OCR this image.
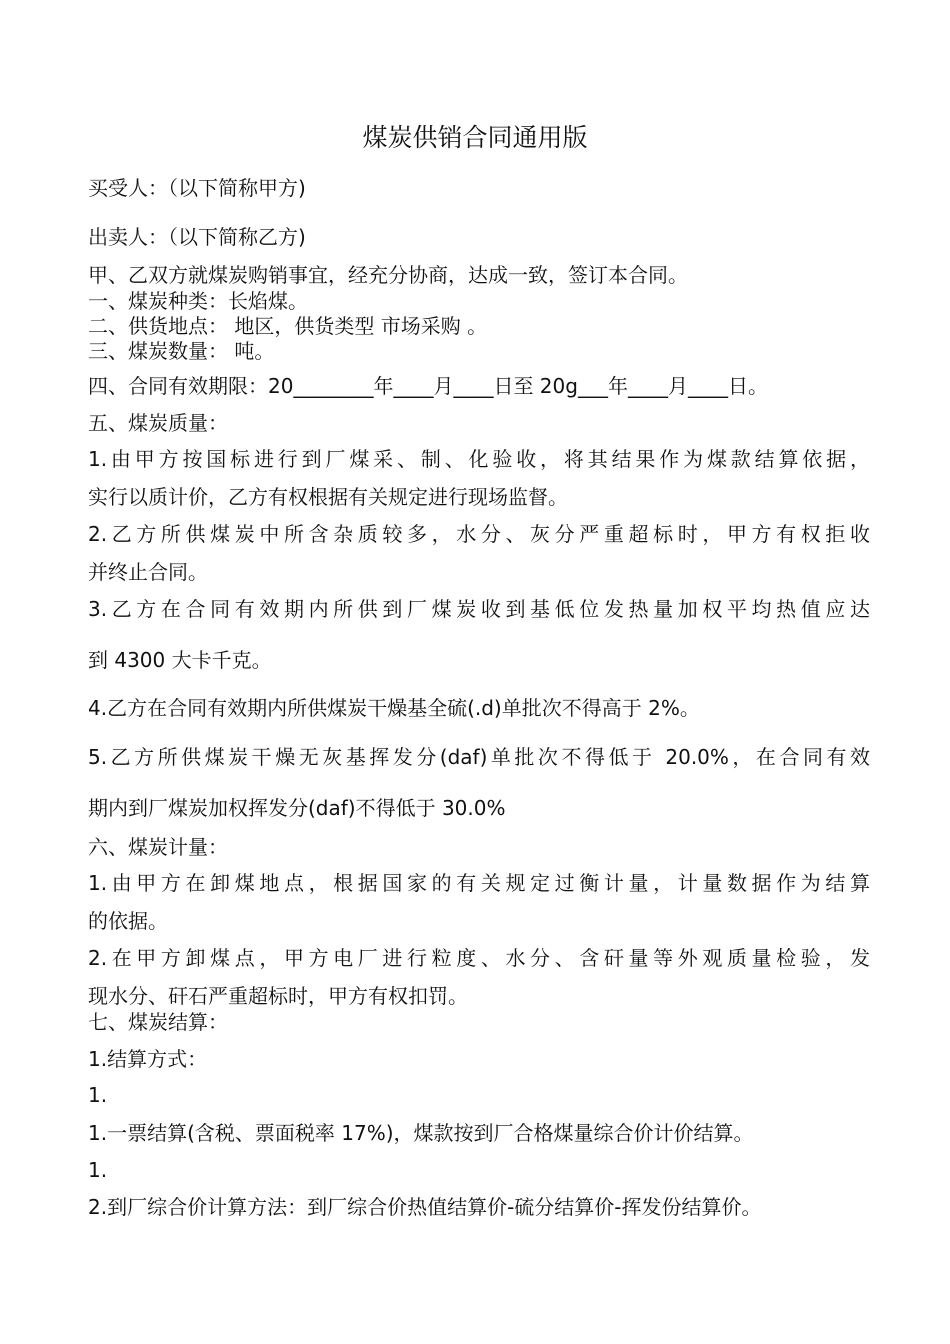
煤炭供销合同通用版
买受人：（以下简称甲方)
出卖人：（以下简称乙方)
甲、乙双方就煤炭购销事宜，经充分协商，达成一致，签订本合同。
一、煤炭种类：长焰煤。
二、供货地点： 地区，供货类型 市场采购 。
三、煤炭数量： 吨。
四、合同有效期限：20________年____月____日至 20g___年____月____日。
五、煤炭质量：
1.由甲方按国标进行到厂煤采、制、化验收，将其结果作为煤款结算依据，
实行以质计价，乙方有权根据有关规定进行现场监督。
2.乙方所供煤炭中所含杂质较多，水分、灰分严重超标时，甲方有权拒收
并终止合同。
3.乙方在合同有效期内所供到厂煤炭收到基低位发热量加权平均热值应达
到 4300 大卡千克。
4.乙方在合同有效期内所供煤炭干燥基全硫(.d)单批次不得高于 2%。
5.乙方所供煤炭干燥无灰基挥发分(daf)单批次不得低于 20.0%，在合同有效
期内到厂煤炭加权挥发分(daf)不得低于 30.0%
六、煤炭计量：
1.由甲方在卸煤地点，根据国家的有关规定过衡计量，计量数据作为结算
的依据。
2.在甲方卸煤点，甲方电厂进行粒度、水分、含矸量等外观质量检验，发
现水分、矸石严重超标时，甲方有权扣罚。
七、煤炭结算：
1.结算方式：
1.
1.一票结算(含税、票面税率 17%)，煤款按到厂合格煤量综合价计价结算。
1.
2.到厂综合价计算方法：到厂综合价热值结算价-硫分结算价-挥发份结算价。
